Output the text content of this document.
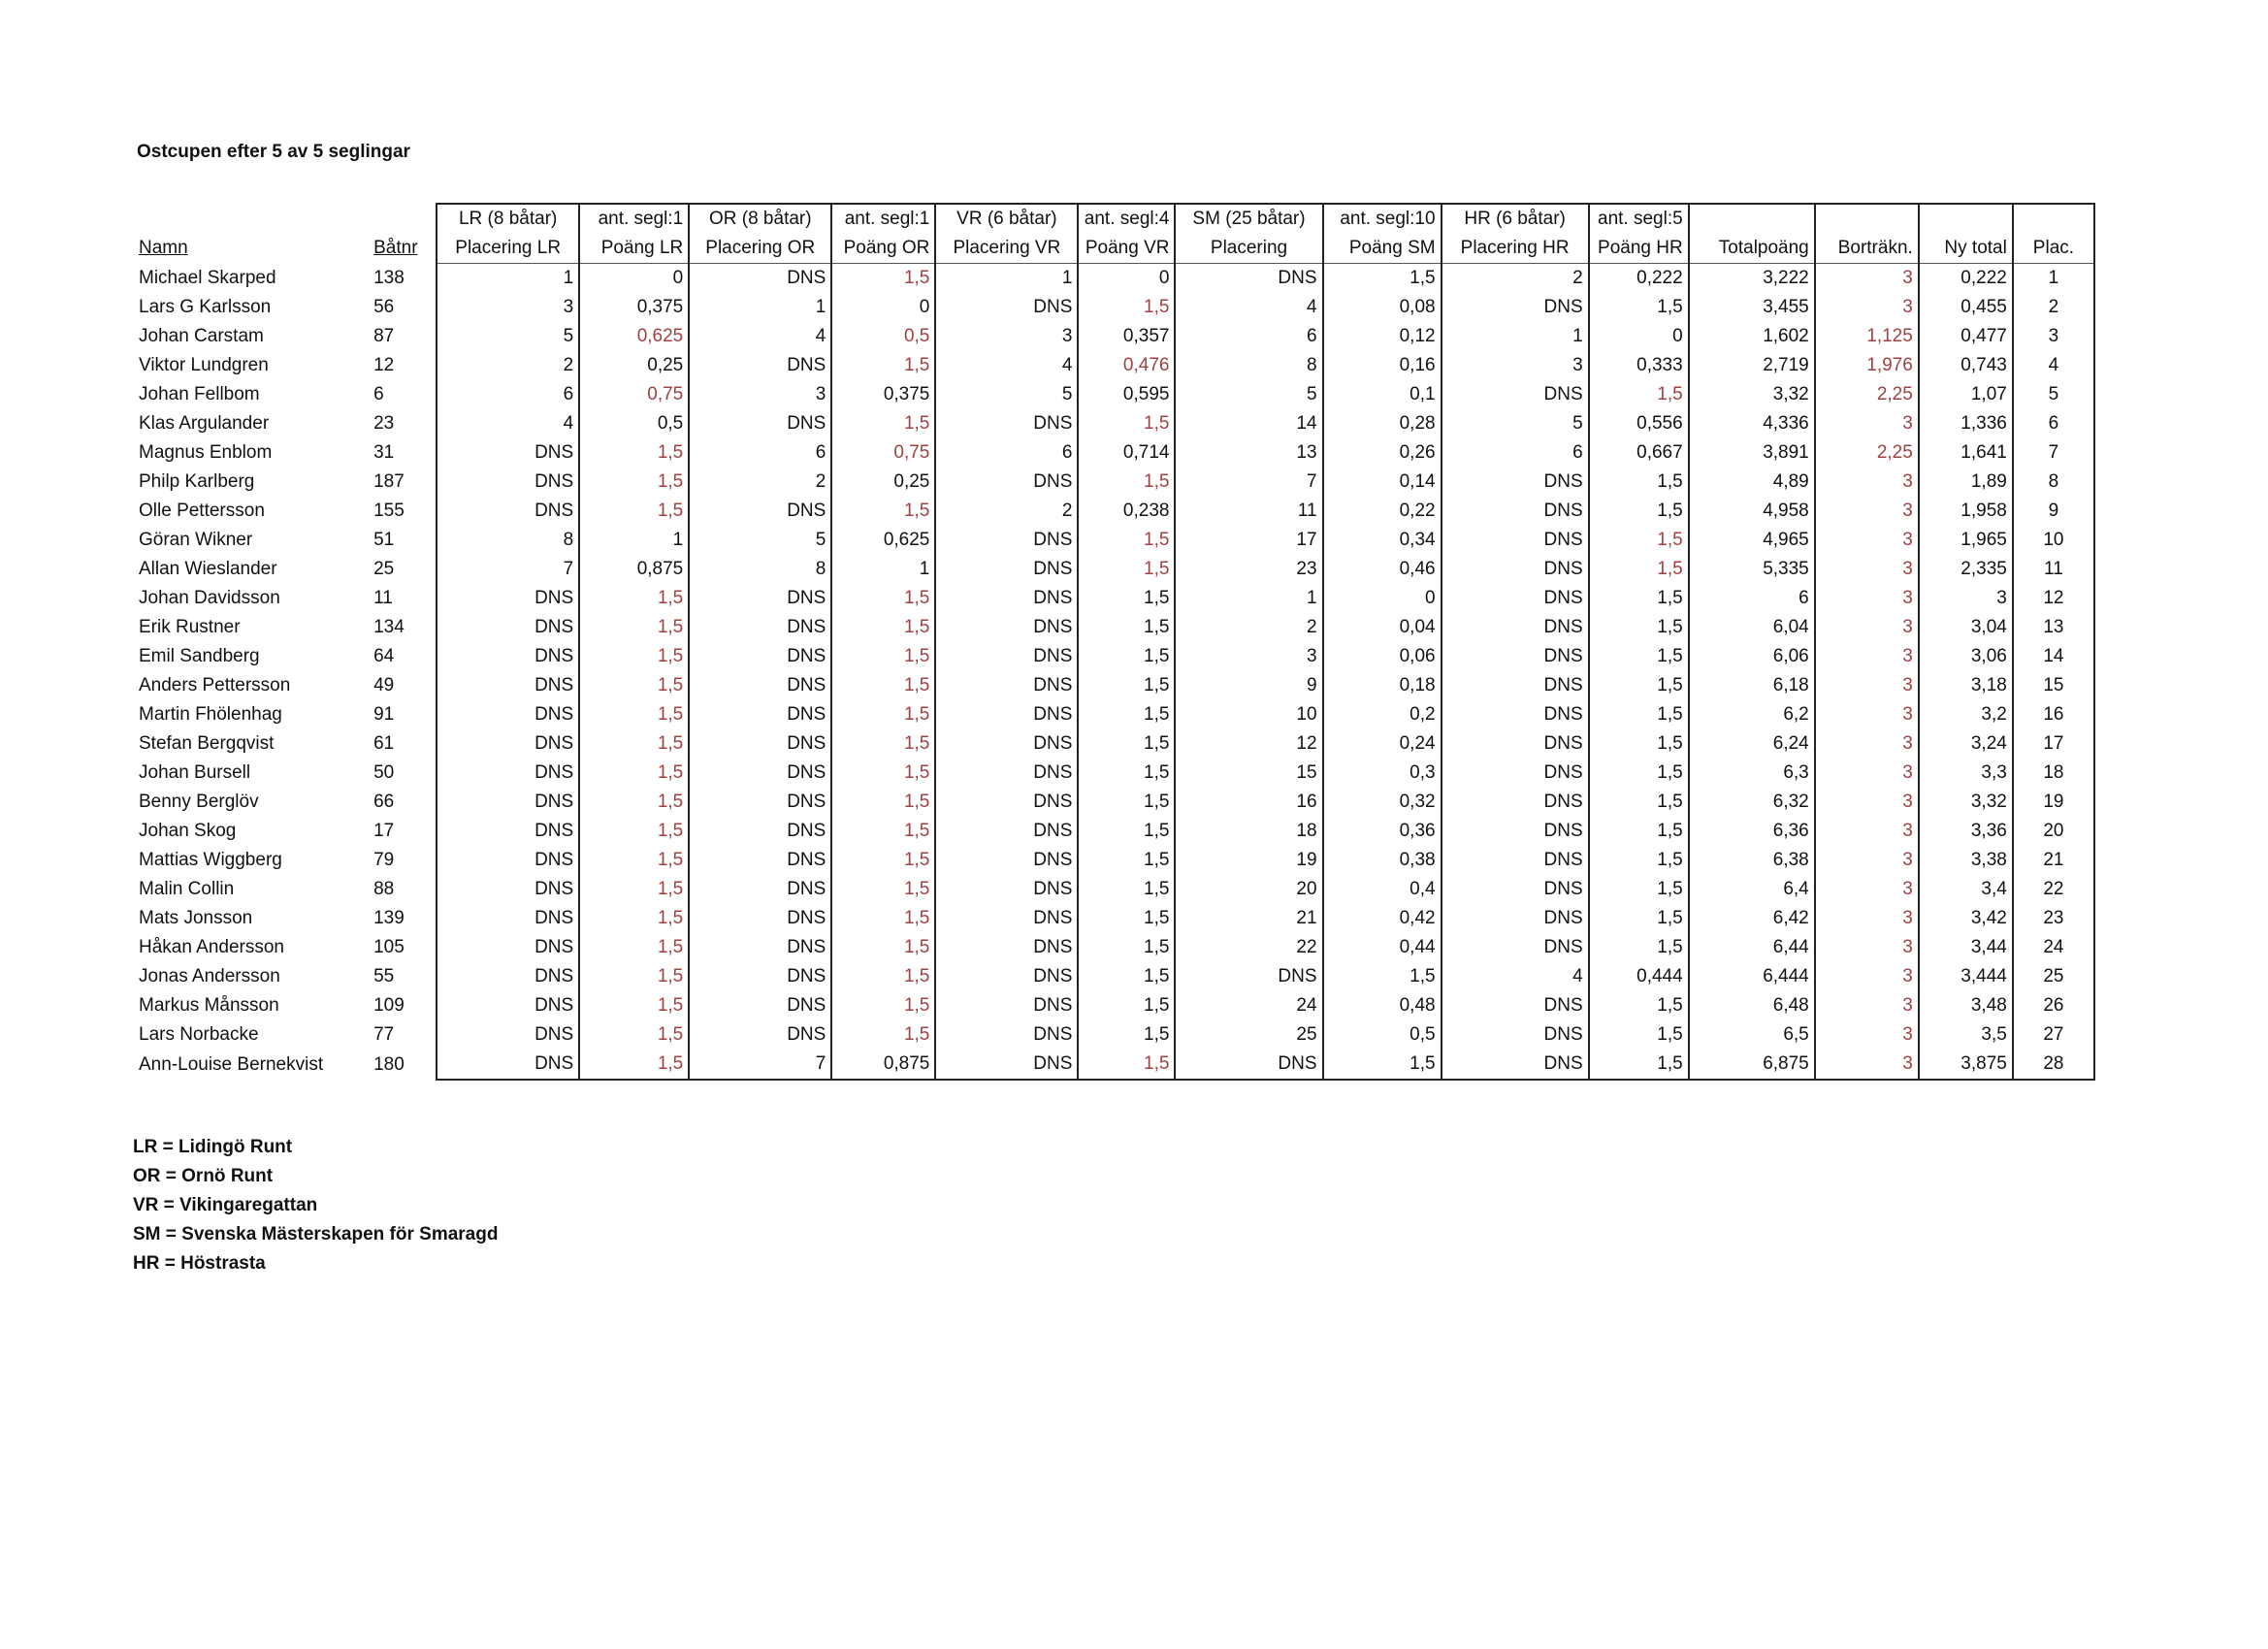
Ostcupen efter 5 av 5 seglingar
		LR (8 båtar)	ant. segl:1	OR (8 båtar)	ant. segl:1	VR (6 båtar)	ant. segl:4	SM (25 båtar)	ant. segl:10	HR (6 båtar)	ant. segl:5				
Namn	Båtnr	Placering LR	Poäng LR	Placering OR	Poäng OR	Placering VR	Poäng VR	Placering	Poäng SM	Placering HR	Poäng HR	Totalpoäng	Borträkn.	Ny total	Plac.
Michael Skarped	138	1	0	DNS	1,5	1	0	DNS	1,5	2	0,222	3,222	3	0,222	1
Lars G Karlsson	56	3	0,375	1	0	DNS	1,5	4	0,08	DNS	1,5	3,455	3	0,455	2
Johan Carstam	87	5	0,625	4	0,5	3	0,357	6	0,12	1	0	1,602	1,125	0,477	3
Viktor Lundgren	12	2	0,25	DNS	1,5	4	0,476	8	0,16	3	0,333	2,719	1,976	0,743	4
Johan Fellbom	6	6	0,75	3	0,375	5	0,595	5	0,1	DNS	1,5	3,32	2,25	1,07	5
Klas Argulander	23	4	0,5	DNS	1,5	DNS	1,5	14	0,28	5	0,556	4,336	3	1,336	6
Magnus Enblom	31	DNS	1,5	6	0,75	6	0,714	13	0,26	6	0,667	3,891	2,25	1,641	7
Philp Karlberg	187	DNS	1,5	2	0,25	DNS	1,5	7	0,14	DNS	1,5	4,89	3	1,89	8
Olle Pettersson	155	DNS	1,5	DNS	1,5	2	0,238	11	0,22	DNS	1,5	4,958	3	1,958	9
Göran Wikner	51	8	1	5	0,625	DNS	1,5	17	0,34	DNS	1,5	4,965	3	1,965	10
Allan Wieslander	25	7	0,875	8	1	DNS	1,5	23	0,46	DNS	1,5	5,335	3	2,335	11
Johan Davidsson	11	DNS	1,5	DNS	1,5	DNS	1,5	1	0	DNS	1,5	6	3	3	12
Erik Rustner	134	DNS	1,5	DNS	1,5	DNS	1,5	2	0,04	DNS	1,5	6,04	3	3,04	13
Emil Sandberg	64	DNS	1,5	DNS	1,5	DNS	1,5	3	0,06	DNS	1,5	6,06	3	3,06	14
Anders Pettersson	49	DNS	1,5	DNS	1,5	DNS	1,5	9	0,18	DNS	1,5	6,18	3	3,18	15
Martin Fhölenhag	91	DNS	1,5	DNS	1,5	DNS	1,5	10	0,2	DNS	1,5	6,2	3	3,2	16
Stefan Bergqvist	61	DNS	1,5	DNS	1,5	DNS	1,5	12	0,24	DNS	1,5	6,24	3	3,24	17
Johan Bursell	50	DNS	1,5	DNS	1,5	DNS	1,5	15	0,3	DNS	1,5	6,3	3	3,3	18
Benny Berglöv	66	DNS	1,5	DNS	1,5	DNS	1,5	16	0,32	DNS	1,5	6,32	3	3,32	19
Johan Skog	17	DNS	1,5	DNS	1,5	DNS	1,5	18	0,36	DNS	1,5	6,36	3	3,36	20
Mattias Wiggberg	79	DNS	1,5	DNS	1,5	DNS	1,5	19	0,38	DNS	1,5	6,38	3	3,38	21
Malin Collin	88	DNS	1,5	DNS	1,5	DNS	1,5	20	0,4	DNS	1,5	6,4	3	3,4	22
Mats Jonsson	139	DNS	1,5	DNS	1,5	DNS	1,5	21	0,42	DNS	1,5	6,42	3	3,42	23
Håkan Andersson	105	DNS	1,5	DNS	1,5	DNS	1,5	22	0,44	DNS	1,5	6,44	3	3,44	24
Jonas Andersson	55	DNS	1,5	DNS	1,5	DNS	1,5	DNS	1,5	4	0,444	6,444	3	3,444	25
Markus Månsson	109	DNS	1,5	DNS	1,5	DNS	1,5	24	0,48	DNS	1,5	6,48	3	3,48	26
Lars Norbacke	77	DNS	1,5	DNS	1,5	DNS	1,5	25	0,5	DNS	1,5	6,5	3	3,5	27
Ann-Louise Bernekvist	180	DNS	1,5	7	0,875	DNS	1,5	DNS	1,5	DNS	1,5	6,875	3	3,875	28
LR = Lidingö Runt
OR = Ornö Runt
VR = Vikingaregattan
SM = Svenska Mästerskapen för Smaragd
HR = Höstrasta
